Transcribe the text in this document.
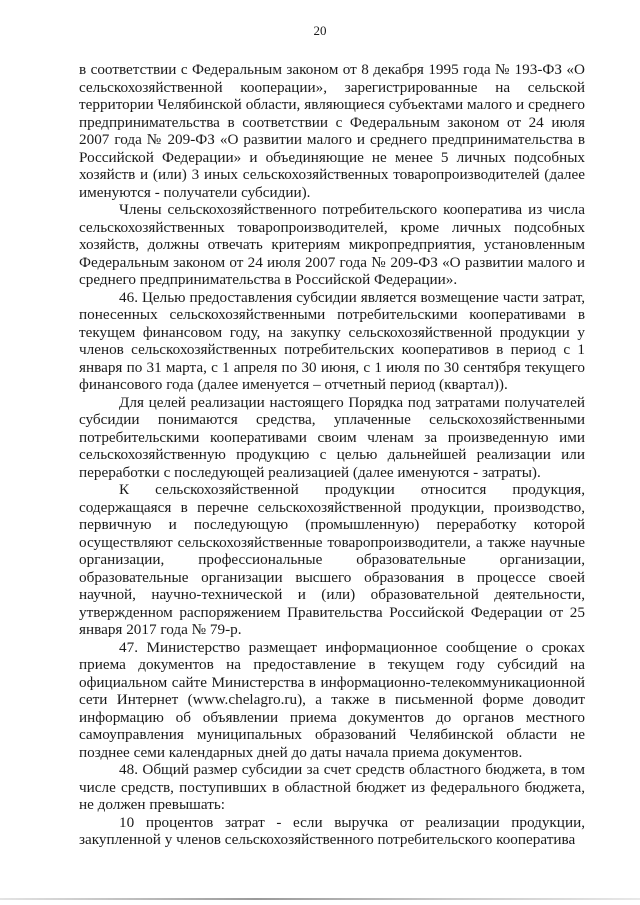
20

в соответствии с Федеральным законом от 8 декабря 1995 года № 193-ФЗ «О сельскохозяйственной кооперации», зарегистрированные на сельской территории Челябинской области, являющиеся субъектами малого и среднего предпринимательства в соответствии с Федеральным законом от 24 июля 2007 года № 209-ФЗ «О развитии малого и среднего предпринимательства в Российской Федерации» и объединяющие не менее 5 личных подсобных хозяйств и (или) 3 иных сельскохозяйственных товаропроизводителей (далее именуются - получатели субсидии).

Члены сельскохозяйственного потребительского кооператива из числа сельскохозяйственных товаропроизводителей, кроме личных подсобных хозяйств, должны отвечать критериям микропредприятия, установленным Федеральным законом от 24 июля 2007 года № 209-ФЗ «О развитии малого и среднего предпринимательства в Российской Федерации».

46. Целью предоставления субсидии является возмещение части затрат, понесенных сельскохозяйственными потребительскими кооперативами в текущем финансовом году, на закупку сельскохозяйственной продукции у членов сельскохозяйственных потребительских кооперативов в период с 1 января по 31 марта, с 1 апреля по 30 июня, с 1 июля по 30 сентября текущего финансового года (далее именуется – отчетный период (квартал)).

Для целей реализации настоящего Порядка под затратами получателей субсидии понимаются средства, уплаченные сельскохозяйственными потребительскими кооперативами своим членам за произведенную ими сельскохозяйственную продукцию с целью дальнейшей реализации или переработки с последующей реализацией (далее именуются - затраты).

К сельскохозяйственной продукции относится продукция, содержащаяся в перечне сельскохозяйственной продукции, производство, первичную и последующую (промышленную) переработку которой осуществляют сельскохозяйственные товаропроизводители, а также научные организации, профессиональные образовательные организации, образовательные организации высшего образования в процессе своей научной, научно-технической и (или) образовательной деятельности, утвержденном распоряжением Правительства Российской Федерации от 25 января 2017 года № 79-р.

47. Министерство размещает информационное сообщение о сроках приема документов на предоставление в текущем году субсидий на официальном сайте Министерства в информационно-телекоммуникационной сети Интернет (www.chelagro.ru), а также в письменной форме доводит информацию об объявлении приема документов до органов местного самоуправления муниципальных образований Челябинской области не позднее семи календарных дней до даты начала приема документов.

48. Общий размер субсидии за счет средств областного бюджета, в том числе средств, поступивших в областной бюджет из федерального бюджета, не должен превышать:

10 процентов затрат - если выручка от реализации продукции, закупленной у членов сельскохозяйственного потребительского кооператива
